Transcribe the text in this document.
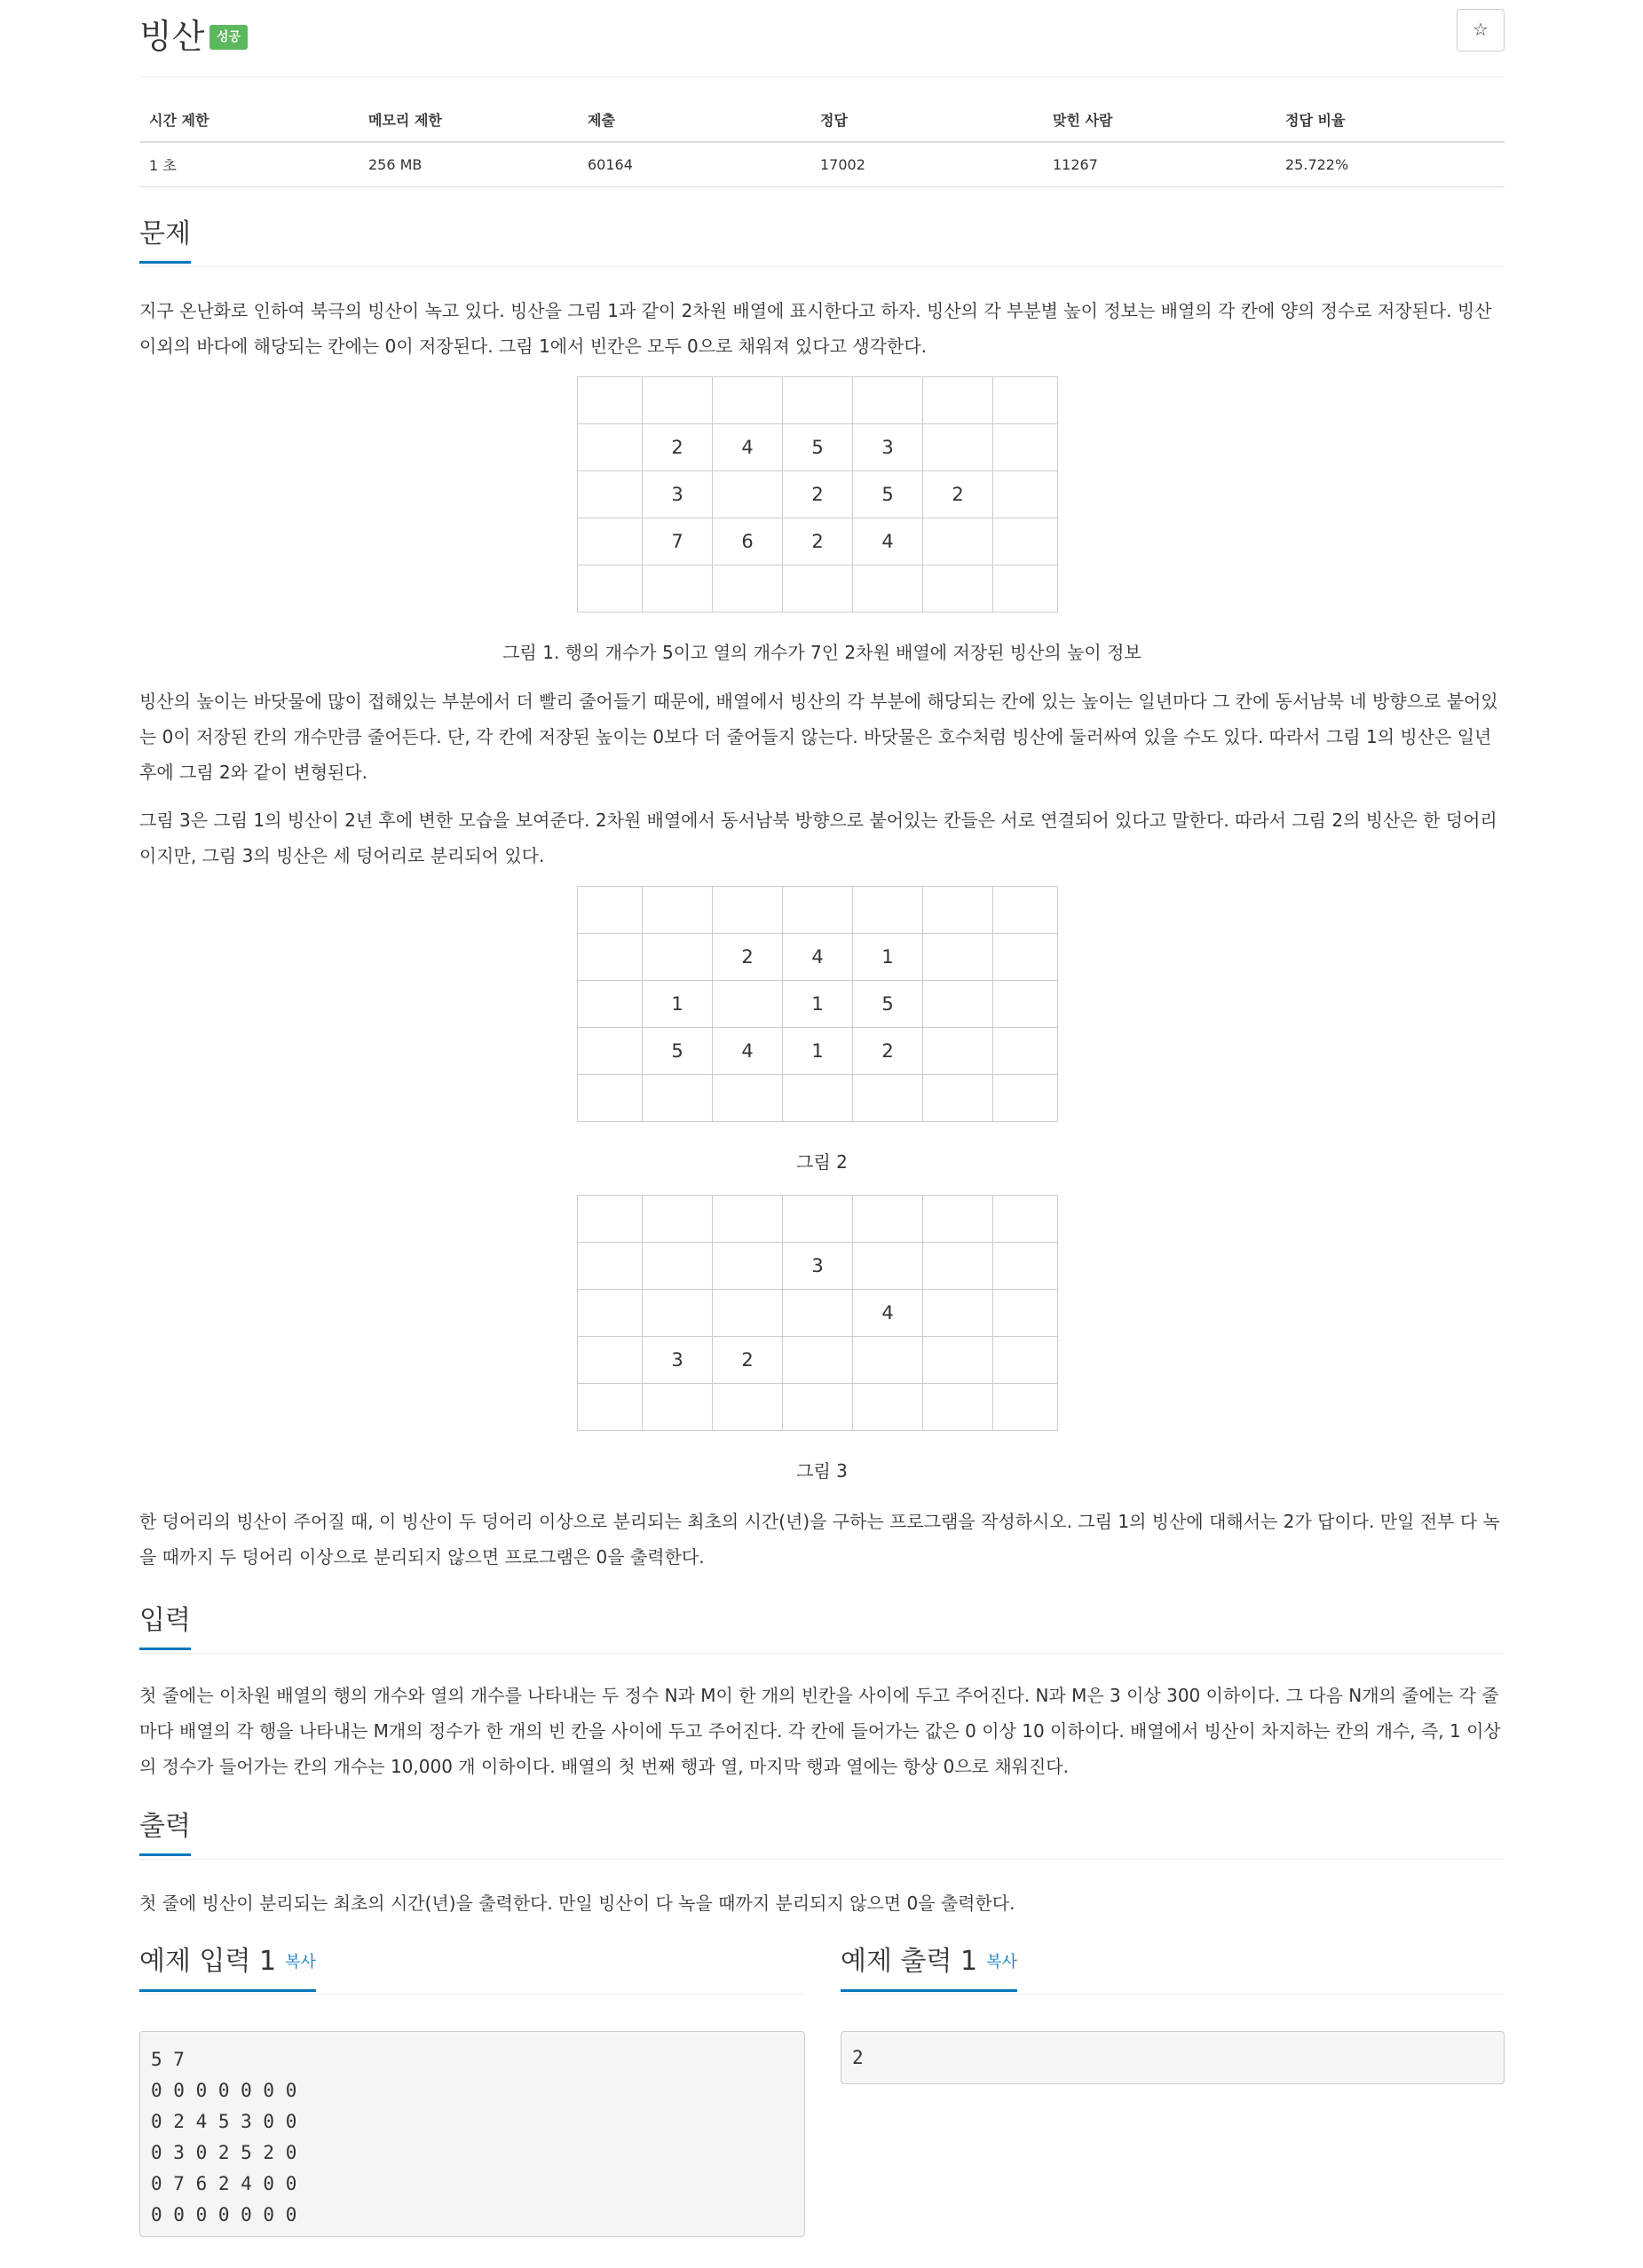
빙산 성공	☆
시간 제한	메모리 제한	제출	정답	맞힌 사람	정답 비율
1 초	256 MB	60164	17002	11267	25.722%
문제

지구 온난화로 인하여 북극의 빙산이 녹고 있다. 빙산을 그림 1과 같이 2차원 배열에 표시한다고 하자. 빙산의 각 부분별 높이 정보는 배열의 각 칸에 양의 정수로 저장된다. 빙산 이외의 바다에 해당되는 칸에는 0이 저장된다. 그림 1에서 빈칸은 모두 0으로 채워져 있다고 생각한다.

	2	4	5	3		
	3		2	5	2	
	7	6	2	4		

그림 1. 행의 개수가 5이고 열의 개수가 7인 2차원 배열에 저장된 빙산의 높이 정보

빙산의 높이는 바닷물에 많이 접해있는 부분에서 더 빨리 줄어들기 때문에, 배열에서 빙산의 각 부분에 해당되는 칸에 있는 높이는 일년마다 그 칸에 동서남북 네 방향으로 붙어있는 0이 저장된 칸의 개수만큼 줄어든다. 단, 각 칸에 저장된 높이는 0보다 더 줄어들지 않는다. 바닷물은 호수처럼 빙산에 둘러싸여 있을 수도 있다. 따라서 그림 1의 빙산은 일년후에 그림 2와 같이 변형된다.

그림 3은 그림 1의 빙산이 2년 후에 변한 모습을 보여준다. 2차원 배열에서 동서남북 방향으로 붙어있는 칸들은 서로 연결되어 있다고 말한다. 따라서 그림 2의 빙산은 한 덩어리이지만, 그림 3의 빙산은 세 덩어리로 분리되어 있다.

		2	4	1		
	1		1	5		
	5	4	1	2		

그림 2

			3			
				4		
	3	2				

그림 3

한 덩어리의 빙산이 주어질 때, 이 빙산이 두 덩어리 이상으로 분리되는 최초의 시간(년)을 구하는 프로그램을 작성하시오. 그림 1의 빙산에 대해서는 2가 답이다. 만일 전부 다 녹을 때까지 두 덩어리 이상으로 분리되지 않으면 프로그램은 0을 출력한다.

입력

첫 줄에는 이차원 배열의 행의 개수와 열의 개수를 나타내는 두 정수 N과 M이 한 개의 빈칸을 사이에 두고 주어진다. N과 M은 3 이상 300 이하이다. 그 다음 N개의 줄에는 각 줄마다 배열의 각 행을 나타내는 M개의 정수가 한 개의 빈 칸을 사이에 두고 주어진다. 각 칸에 들어가는 값은 0 이상 10 이하이다. 배열에서 빙산이 차지하는 칸의 개수, 즉, 1 이상의 정수가 들어가는 칸의 개수는 10,000 개 이하이다. 배열의 첫 번째 행과 열, 마지막 행과 열에는 항상 0으로 채워진다.

출력

첫 줄에 빙산이 분리되는 최초의 시간(년)을 출력한다. 만일 빙산이 다 녹을 때까지 분리되지 않으면 0을 출력한다.

예제 입력 1 복사
5 7
0 0 0 0 0 0 0
0 2 4 5 3 0 0
0 3 0 2 5 2 0
0 7 6 2 4 0 0
0 0 0 0 0 0 0
예제 출력 1 복사
2
